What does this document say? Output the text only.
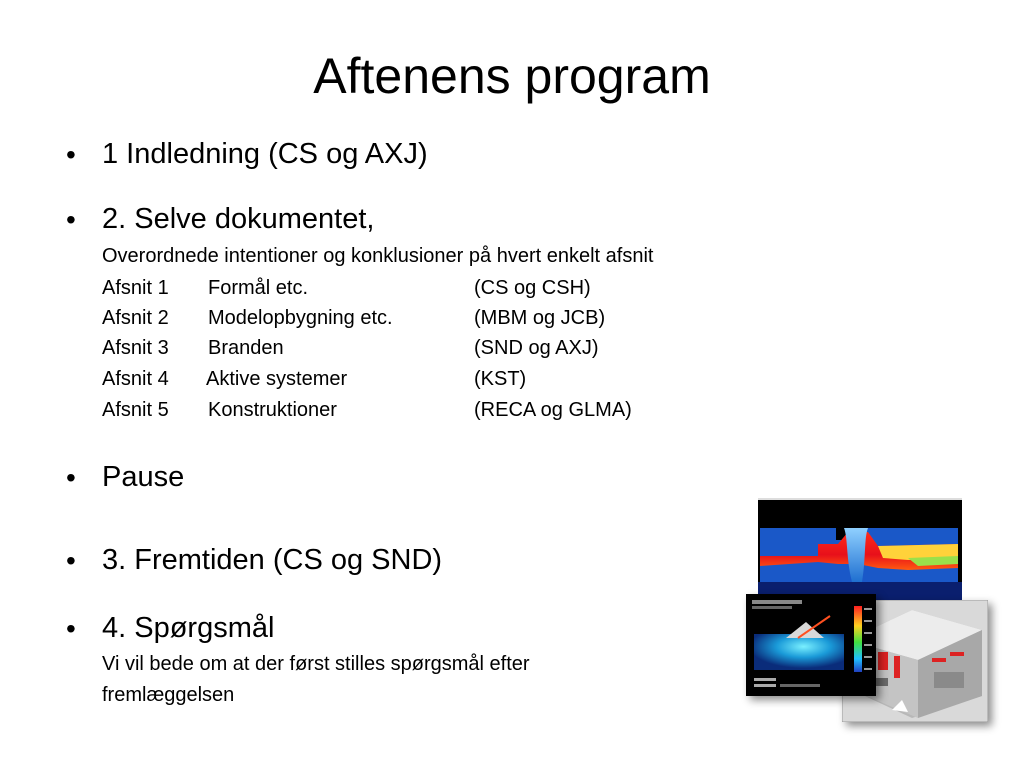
Aftenens program
• 1 Indledning (CS og AXJ)
• 2. Selve dokumentet,
Overordnede intentioner og konklusioner på hvert enkelt afsnit
Afsnit 1 Formål etc.	(CS og CSH)
Afsnit 2 Modelopbygning etc.	(MBM og JCB)
Afsnit 3 Branden	(SND og AXJ)
Afsnit 4 Aktive systemer	(KST)
Afsnit 5 Konstruktioner	(RECA og GLMA)
• Pause
• 3. Fremtiden (CS og SND)
• 4. Spørgsmål
Vi vil bede om at der først stilles spørgsmål efter
fremlæggelsen
